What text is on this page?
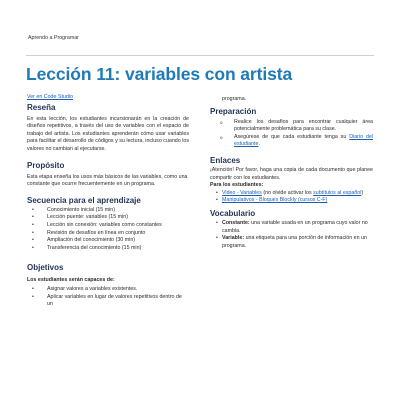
Aprendo a Programar
Lección 11: variables con artista
Ver en Code Studio
Reseña

En esta lección, los estudiantes incursionarán en la creación de diseños repetitivos, a través del uso de variables con el espacio de trabajo del artista. Los estudiantes aprenderán cómo usar variables para facilitar el desarrollo de códigos y su lectura, incluso cuando los valores no cambian al ejecutarse.

Propósito

Esta etapa enseña los usos más básicos de las variables, como una constante que ocurre frecuentemente en un programa.

Secuencia para el aprendizaje
• Conocimiento inicial (15 min)
• Lección puente: variables (15 min)
• Lección sin conexión: variables como constantes
• Revisión de desafíos en línea en conjunto
• Ampliación del conocimiento (30 min)
• Transferencia del conocimiento (15 min)
Objetivos

Los estudiantes serán capaces de:

• Asignar valores a variables existentes.
• Aplicar variables en lugar de valores repetitivos dentro de un

programa.

Preparación
o Realice los desafíos para encontrar cualquier área potencialmente problemática para su clase.
o Asegúrese de que cada estudiante tenga su Diario del estudiante.
Enlaces

¡Atención! Por favor, haga una copia de cada documento que planee compartir con los estudiantes.

Para los estudiantes:

• Video - Variables (no olvide activar los subtítulos al español)
• Manipulativos - Bloques Blockly (cursos C-F)
Vocabulario
• Constante: una variable usada en un programa cuyo valor no cambia.
• Variable: una etiqueta para una porción de información en un programa.
